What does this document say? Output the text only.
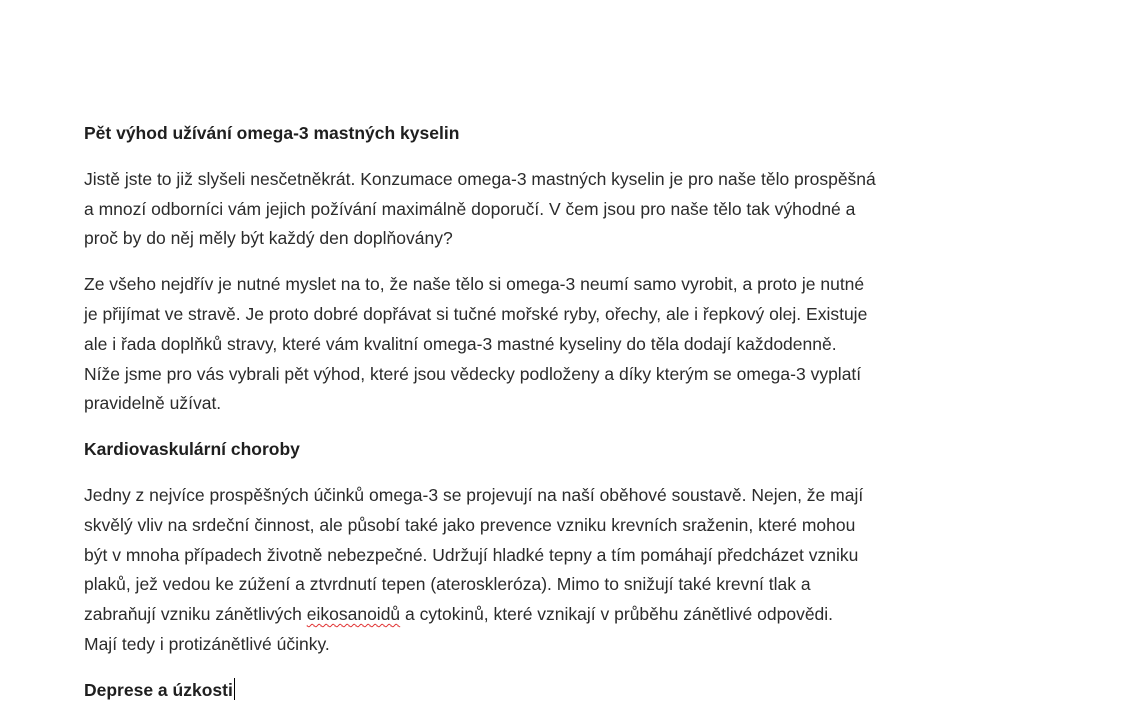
Pět výhod užívání omega-3 mastných kyselin

Jistě jste to již slyšeli nesčetněkrát. Konzumace omega-3 mastných kyselin je pro naše tělo prospěšná
a mnozí odborníci vám jejich požívání maximálně doporučí. V čem jsou pro naše tělo tak výhodné a
proč by do něj měly být každý den doplňovány?

Ze všeho nejdřív je nutné myslet na to, že naše tělo si omega-3 neumí samo vyrobit, a proto je nutné
je přijímat ve stravě. Je proto dobré dopřávat si tučné mořské ryby, ořechy, ale i řepkový olej. Existuje
ale i řada doplňků stravy, které vám kvalitní omega-3 mastné kyseliny do těla dodají každodenně.
Níže jsme pro vás vybrali pět výhod, které jsou vědecky podloženy a díky kterým se omega-3 vyplatí
pravidelně užívat.

Kardiovaskulární choroby

Jedny z nejvíce prospěšných účinků omega-3 se projevují na naší oběhové soustavě. Nejen, že mají
skvělý vliv na srdeční činnost, ale působí také jako prevence vzniku krevních sraženin, které mohou
být v mnoha případech životně nebezpečné. Udržují hladké tepny a tím pomáhají předcházet vzniku
plaků, jež vedou ke zúžení a ztvrdnutí tepen (ateroskleróza). Mimo to snižují také krevní tlak a
zabraňují vzniku zánětlivých eikosanoidů a cytokinů, které vznikají v průběhu zánětlivé odpovědi.
Mají tedy i protizánětlivé účinky.

Deprese a úzkosti
